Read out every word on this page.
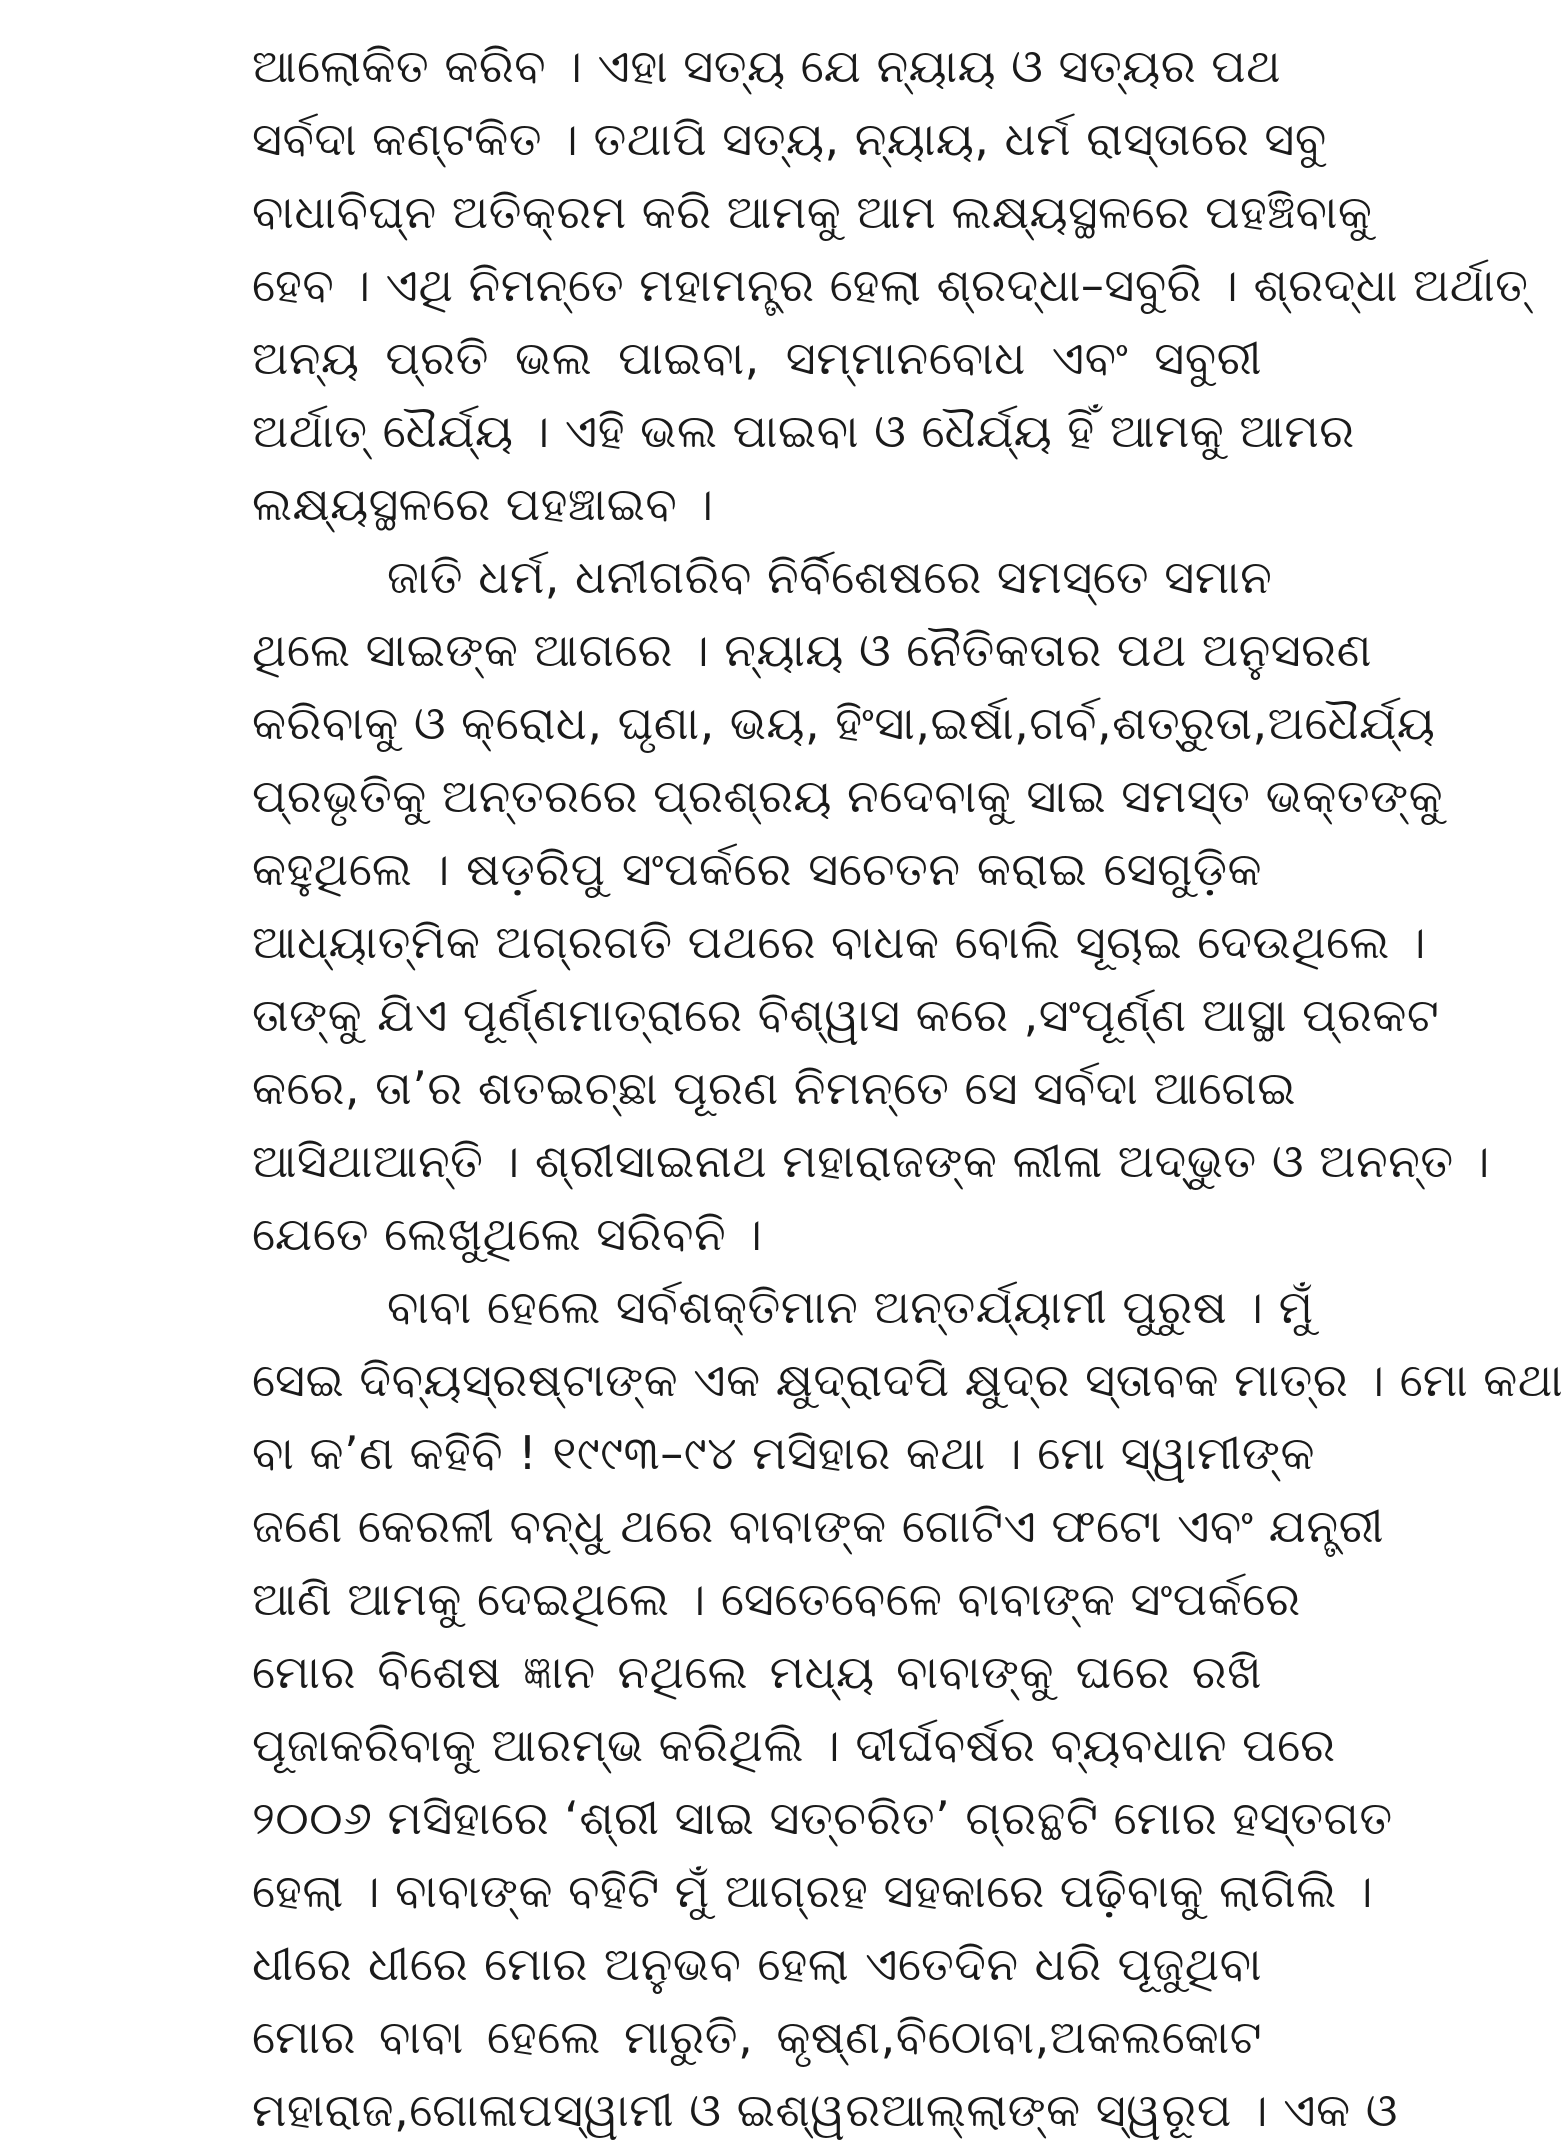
ଆଲୋକିତ କରିବ । ଏହା ସତ୍ୟ ଯେ ନ୍ୟାୟ ଓ ସତ୍ୟର ପଥ
ସର୍ବଦା କଣ୍ଟକିତ । ତଥାପି ସତ୍ୟ, ନ୍ୟାୟ, ଧର୍ମ ରାସ୍ତାରେ ସବୁ
ବାଧାବିଘ୍ନ ଅତିକ୍ରମ କରି ଆମକୁ ଆମ ଲକ୍ଷ୍ୟସ୍ଥଳରେ ପହଞ୍ଚିବାକୁ
ହେବ । ଏଥି ନିମନ୍ତେ ମହାମନ୍ତ୍ର ହେଲା ଶ୍ରଦ୍ଧା–ସବୁରି । ଶ୍ରଦ୍ଧା ଅର୍ଥାତ୍
ଅନ୍ୟ ପ୍ରତି ଭଲ ପାଇବା, ସମ୍ମାନବୋଧ ଏବଂ ସବୁରୀ
ଅର୍ଥାତ୍ ଧୈର୍ଯ୍ୟ । ଏହି ଭଲ ପାଇବା ଓ ଧୈର୍ଯ୍ୟ ହିଁ ଆମକୁ ଆମର
ଲକ୍ଷ୍ୟସ୍ଥଳରେ ପହଞ୍ଚାଇବ ।
ଜାତି ଧର୍ମ, ଧନୀଗରିବ ନିର୍ବିଶେଷରେ ସମସ୍ତେ ସମାନ
ଥିଲେ ସାଇଙ୍କ ଆଗରେ । ନ୍ୟାୟ ଓ ନୈତିକତାର ପଥ ଅନୁସରଣ
କରିବାକୁ ଓ କ୍ରୋଧ, ଘୃଣା, ଭୟ, ହିଂସା,ଇର୍ଷା,ଗର୍ବ,ଶତ୍ରୁତା,ଅଧୈର୍ଯ୍ୟ
ପ୍ରଭୃତିକୁ ଅନ୍ତରରେ ପ୍ରଶ୍ରୟ ନଦେବାକୁ ସାଇ ସମସ୍ତ ଭକ୍ତଙ୍କୁ
କହୁଥିଲେ । ଷଡ଼ରିପୁ ସଂପର୍କରେ ସଚେତନ କରାଇ ସେଗୁଡ଼ିକ
ଆଧ୍ୟାତ୍ମିକ ଅଗ୍ରଗତି ପଥରେ ବାଧକ ବୋଲି ସୂଚାଇ ଦେଉଥିଲେ ।
ତାଙ୍କୁ ଯିଏ ପୂର୍ଣ୍ଣମାତ୍ରାରେ ବିଶ୍ୱାସ କରେ ,ସଂପୂର୍ଣ୍ଣ ଆସ୍ଥା ପ୍ରକଟ
କରେ, ତା’ର ଶତଇଚ୍ଛା ପୂରଣ ନିମନ୍ତେ ସେ ସର୍ବଦା ଆଗେଇ
ଆସିଥାଆନ୍ତି । ଶ୍ରୀସାଇନାଥ ମହାରାଜଙ୍କ ଲୀଳା ଅଦ୍ଭୁତ ଓ ଅନନ୍ତ ।
ଯେତେ ଲେଖୁଥିଲେ ସରିବନି ।
ବାବା ହେଲେ ସର୍ବଶକ୍ତିମାନ ଅନ୍ତର୍ଯ୍ୟାମୀ ପୁରୁଷ । ମୁଁ
ସେଇ ଦିବ୍ୟସ୍ରଷ୍ଟାଙ୍କ ଏକ କ୍ଷୁଦ୍ରାଦପି କ୍ଷୁଦ୍ର ସ୍ତାବକ ମାତ୍ର । ମୋ କଥା
ବା କ’ଣ କହିବି ! ୧୯୯୩–୯୪ ମସିହାର କଥା । ମୋ ସ୍ୱାମୀଙ୍କ
ଜଣେ କେରଳୀ ବନ୍ଧୁ ଥରେ ବାବାଙ୍କ ଗୋଟିଏ ଫଟୋ ଏବଂ ଯନ୍ତ୍ରୀ
ଆଣି ଆମକୁ ଦେଇଥିଲେ । ସେତେବେଳେ ବାବାଙ୍କ ସଂପର୍କରେ
ମୋର ବିଶେଷ ଜ୍ଞାନ ନଥିଲେ ମଧ୍ୟ ବାବାଙ୍କୁ ଘରେ ରଖି
ପୂଜାକରିବାକୁ ଆରମ୍ଭ କରିଥିଲି । ଦୀର୍ଘବର୍ଷର ବ୍ୟବଧାନ ପରେ
୨୦୦୬ ମସିହାରେ ‘ଶ୍ରୀ ସାଇ ସତ୍‌ଚରିତ’ ଗ୍ରନ୍ଥଟି ମୋର ହସ୍ତଗତ
ହେଲା । ବାବାଙ୍କ ବହିଟି ମୁଁ ଆଗ୍ରହ ସହକାରେ ପଢ଼ିବାକୁ ଲାଗିଲି ।
ଧୀରେ ଧୀରେ ମୋର ଅନୁଭବ ହେଲା ଏତେଦିନ ଧରି ପୂଜୁଥିବା
ମୋର ବାବା ହେଲେ ମାରୁତି, କୃଷ୍ଣ,ବିଠୋବା,ଅକଲକୋଟ
ମହାରାଜ,ଗୋଳାପସ୍ୱାମୀ ଓ ଇଶ୍ୱରଆଲ୍ଲାଙ୍କ ସ୍ୱରୂପ । ଏକ ଓ
